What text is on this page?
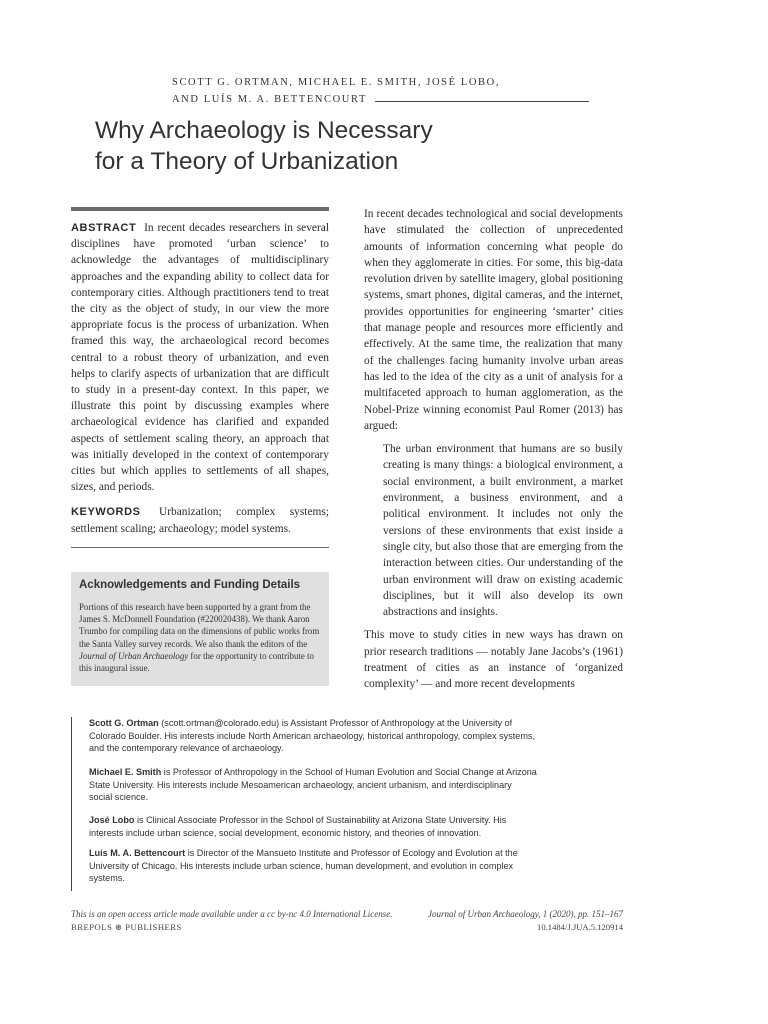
SCOTT G. ORTMAN, MICHAEL E. SMITH, JOSÉ LOBO,
AND LUÍS M. A. BETTENCOURT
Why Archaeology is Necessary
for a Theory of Urbanization

ABSTRACT In recent decades researchers in several disciplines have promoted ‘urban science’ to acknowledge the advantages of multidisciplinary approaches and the expanding ability to collect data for contemporary cities. Although practitioners tend to treat the city as the object of study, in our view the more appropriate focus is the process of urbanization. When framed this way, the archaeological record becomes central to a robust theory of urbanization, and even helps to clarify aspects of urbanization that are difficult to study in a present-day context. In this paper, we illustrate this point by discussing examples where archaeological evidence has clarified and expanded aspects of settlement scaling theory, an approach that was initially developed in the context of contemporary cities but which applies to settlements of all shapes, sizes, and periods.

KEYWORDS Urbanization; complex systems; settlement scaling; archaeology; model systems.

Acknowledgements and Funding Details

Portions of this research have been supported by a grant from the James S. McDonnell Foundation (#220020438). We thank Aaron Trumbo for compiling data on the dimensions of public works from the Santa Valley survey records. We also thank the editors of the Journal of Urban Archaeology for the opportunity to contribute to this inaugural issue.

In recent decades technological and social developments have stimulated the collection of unprecedented amounts of information concerning what people do when they agglomerate in cities. For some, this big-data revolution driven by satellite imagery, global positioning systems, smart phones, digital cameras, and the internet, provides opportunities for engineering ‘smarter’ cities that manage people and resources more efficiently and effectively. At the same time, the realization that many of the challenges facing humanity involve urban areas has led to the idea of the city as a unit of analysis for a multifaceted approach to human agglomeration, as the Nobel-Prize winning economist Paul Romer (2013) has argued:

The urban environment that humans are so busily creating is many things: a biological environment, a social environment, a built environment, a market environment, a business environment, and a political environment. It includes not only the versions of these environments that exist inside a single city, but also those that are emerging from the interaction between cities. Our understanding of the urban environment will draw on existing academic disciplines, but it will also develop its own abstractions and insights.

This move to study cities in new ways has drawn on prior research traditions — notably Jane Jacobs’s (1961) treatment of cities as an instance of ‘organized complexity’ — and more recent developments

Scott G. Ortman (scott.ortman@colorado.edu) is Assistant Professor of Anthropology at the University of Colorado Boulder. His interests include North American archaeology, historical anthropology, complex systems, and the contemporary relevance of archaeology.

Michael E. Smith is Professor of Anthropology in the School of Human Evolution and Social Change at Arizona State University. His interests include Mesoamerican archaeology, ancient urbanism, and interdisciplinary social science.

José Lobo is Clinical Associate Professor in the School of Sustainability at Arizona State University. His interests include urban science, social development, economic history, and theories of innovation.

Luís M. A. Bettencourt is Director of the Mansueto Institute and Professor of Ecology and Evolution at the University of Chicago. His interests include urban science, human development, and evolution in complex systems.

This is an open access article made available under a cc by-nc 4.0 International License.	Journal of Urban Archaeology, 1 (2020), pp. 151–167
BREPOLS ⊛ PUBLISHERS	10.1484/J.JUA.5.120914
